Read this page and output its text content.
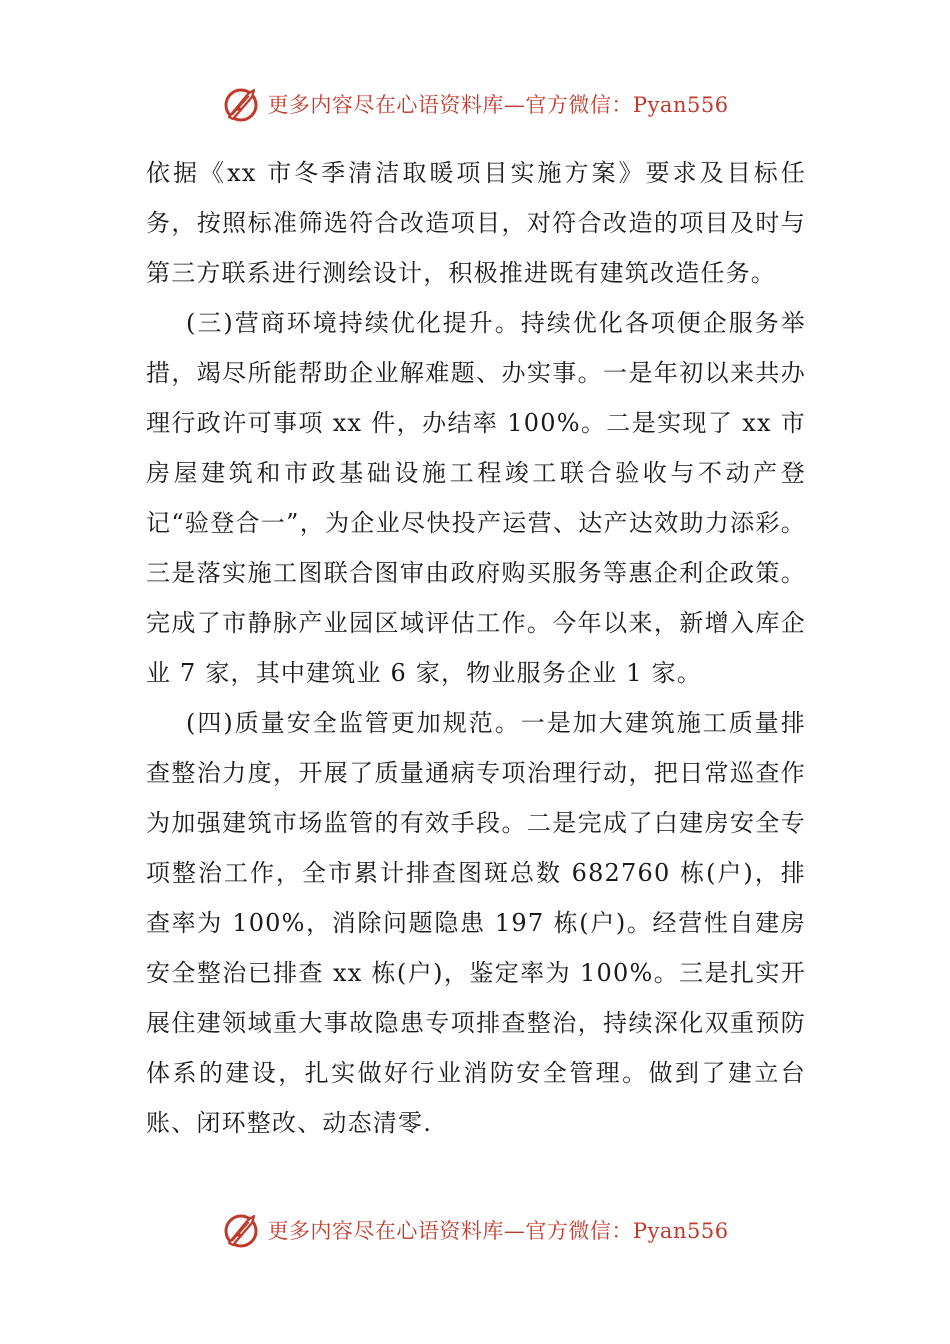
更多内容尽在心语资料库—官方微信：Pyan556

依据《xx 市冬季清洁取暖项目实施方案》要求及目标任务，按照标准筛选符合改造项目，对符合改造的项目及时与第三方联系进行测绘设计，积极推进既有建筑改造任务。

(三)营商环境持续优化提升。持续优化各项便企服务举措，竭尽所能帮助企业解难题、办实事。一是年初以来共办理行政许可事项 xx 件，办结率 100%。二是实现了 xx 市房屋建筑和市政基础设施工程竣工联合验收与不动产登记“验登合一”，为企业尽快投产运营、达产达效助力添彩。三是落实施工图联合图审由政府购买服务等惠企利企政策。完成了市静脉产业园区域评估工作。今年以来，新增入库企业 7 家，其中建筑业 6 家，物业服务企业 1 家。

(四)质量安全监管更加规范。一是加大建筑施工质量排查整治力度，开展了质量通病专项治理行动，把日常巡查作为加强建筑市场监管的有效手段。二是完成了白建房安全专项整治工作，全市累计排查图斑总数 682760 栋(户)，排查率为 100%，消除问题隐患 197 栋(户)。经营性自建房安全整治已排查 xx 栋(户)，鉴定率为 100%。三是扎实开展住建领域重大事故隐患专项排查整治，持续深化双重预防体系的建设，扎实做好行业消防安全管理。做到了建立台账、闭环整改、动态清零.

更多内容尽在心语资料库—官方微信：Pyan556
